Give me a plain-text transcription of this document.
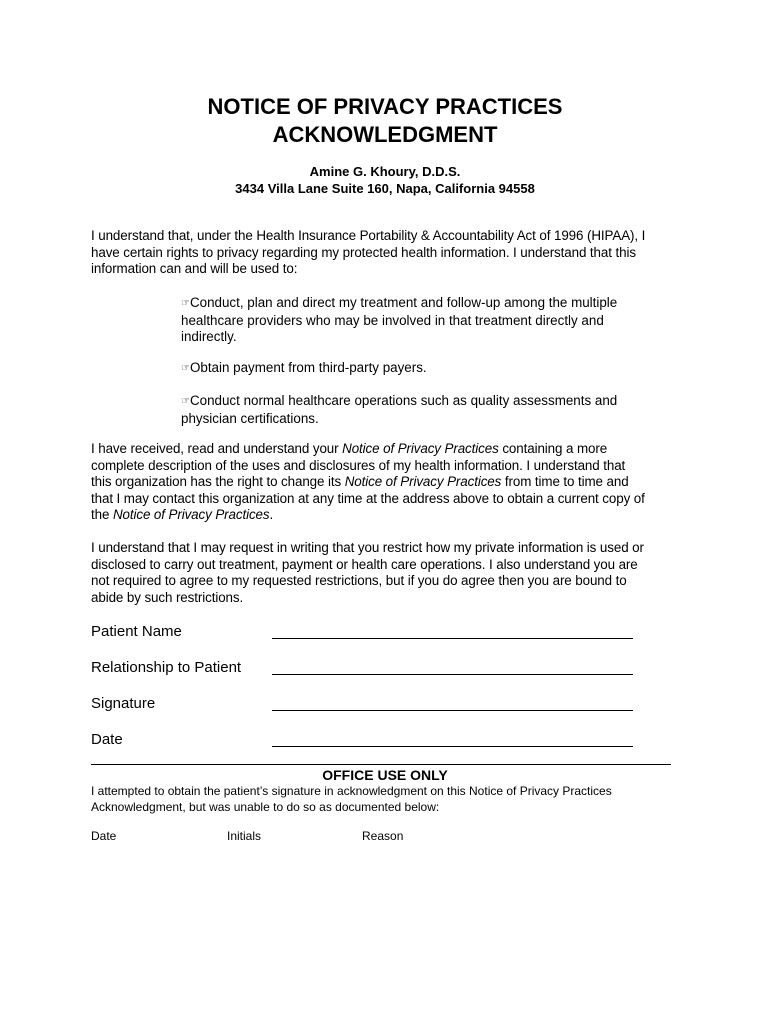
NOTICE OF PRIVACY PRACTICES
ACKNOWLEDGMENT
Amine G. Khoury, D.D.S.
3434 Villa Lane Suite 160, Napa, California 94558
I understand that, under the Health Insurance Portability & Accountability Act of 1996 (HIPAA), I
have certain rights to privacy regarding my protected health information. I understand that this
information can and will be used to:
☞Conduct, plan and direct my treatment and follow-up among the multiple
healthcare providers who may be involved in that treatment directly and
indirectly.
☞Obtain payment from third-party payers.
☞Conduct normal healthcare operations such as quality assessments and
physician certifications.
I have received, read and understand your Notice of Privacy Practices containing a more
complete description of the uses and disclosures of my health information. I understand that
this organization has the right to change its Notice of Privacy Practices from time to time and
that I may contact this organization at any time at the address above to obtain a current copy of
the Notice of Privacy Practices.
I understand that I may request in writing that you restrict how my private information is used or
disclosed to carry out treatment, payment or health care operations. I also understand you are
not required to agree to my requested restrictions, but if you do agree then you are bound to
abide by such restrictions.
Patient Name
Relationship to Patient
Signature
Date
OFFICE USE ONLY
I attempted to obtain the patient’s signature in acknowledgment on this Notice of Privacy Practices
Acknowledgment, but was unable to do so as documented below:
Date	Initials	Reason
